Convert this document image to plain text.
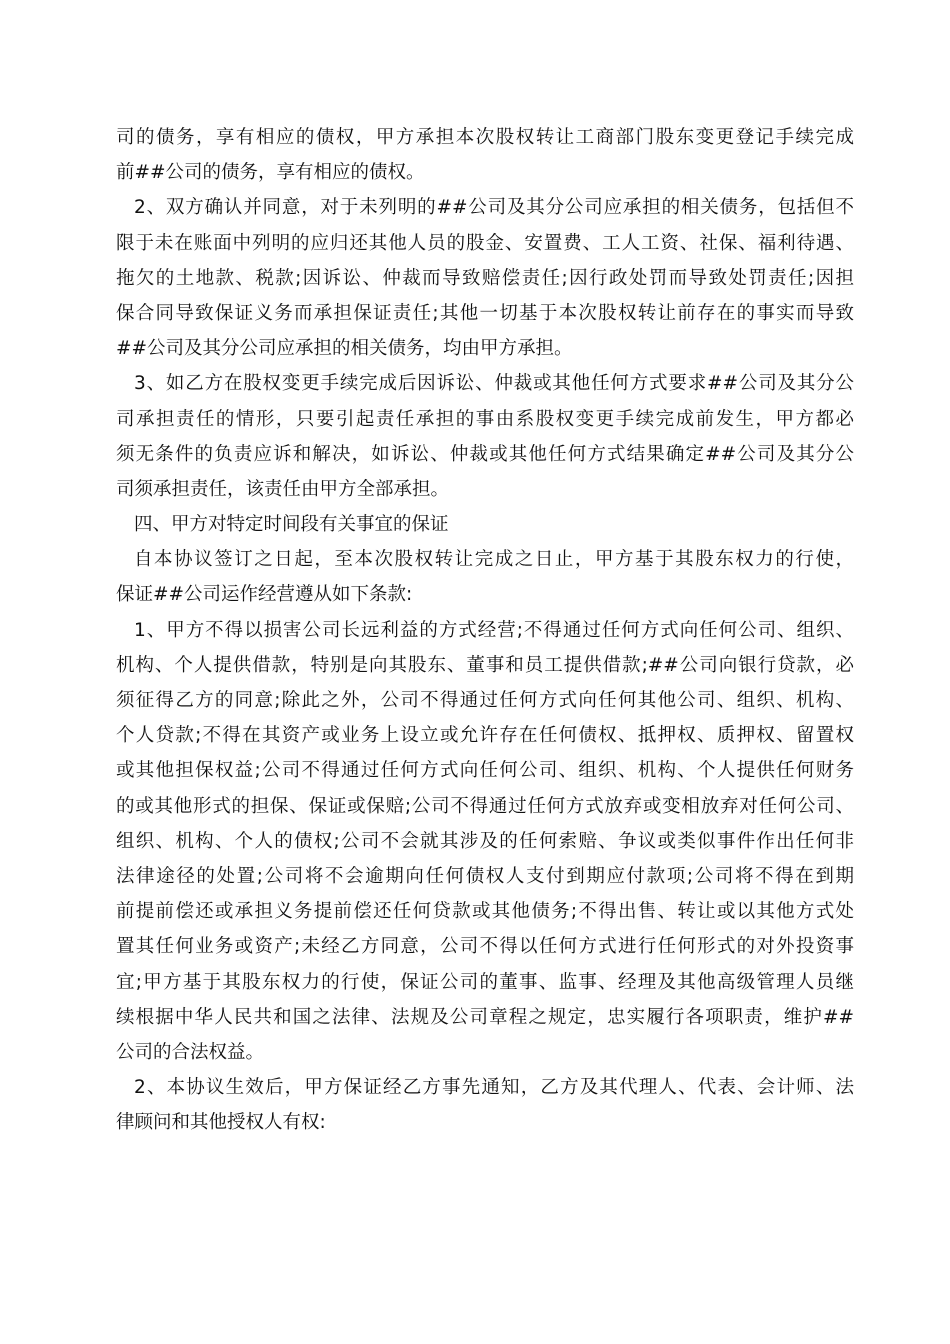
司的债务，享有相应的债权，甲方承担本次股权转让工商部门股东变更登记手续完成
前##公司的债务，享有相应的债权。
2、双方确认并同意，对于未列明的##公司及其分公司应承担的相关债务，包括但不
限于未在账面中列明的应归还其他人员的股金、安置费、工人工资、社保、福利待遇、
拖欠的土地款、税款;因诉讼、仲裁而导致赔偿责任;因行政处罚而导致处罚责任;因担
保合同导致保证义务而承担保证责任;其他一切基于本次股权转让前存在的事实而导致
##公司及其分公司应承担的相关债务，均由甲方承担。
3、如乙方在股权变更手续完成后因诉讼、仲裁或其他任何方式要求##公司及其分公
司承担责任的情形，只要引起责任承担的事由系股权变更手续完成前发生，甲方都必
须无条件的负责应诉和解决，如诉讼、仲裁或其他任何方式结果确定##公司及其分公
司须承担责任，该责任由甲方全部承担。
四、甲方对特定时间段有关事宜的保证
自本协议签订之日起，至本次股权转让完成之日止，甲方基于其股东权力的行使，
保证##公司运作经营遵从如下条款:
1、甲方不得以损害公司长远利益的方式经营;不得通过任何方式向任何公司、组织、
机构、个人提供借款，特别是向其股东、董事和员工提供借款;##公司向银行贷款，必
须征得乙方的同意;除此之外，公司不得通过任何方式向任何其他公司、组织、机构、
个人贷款;不得在其资产或业务上设立或允许存在任何债权、抵押权、质押权、留置权
或其他担保权益;公司不得通过任何方式向任何公司、组织、机构、个人提供任何财务
的或其他形式的担保、保证或保赔;公司不得通过任何方式放弃或变相放弃对任何公司、
组织、机构、个人的债权;公司不会就其涉及的任何索赔、争议或类似事件作出任何非
法律途径的处置;公司将不会逾期向任何债权人支付到期应付款项;公司将不得在到期
前提前偿还或承担义务提前偿还任何贷款或其他债务;不得出售、转让或以其他方式处
置其任何业务或资产;未经乙方同意，公司不得以任何方式进行任何形式的对外投资事
宜;甲方基于其股东权力的行使，保证公司的董事、监事、经理及其他高级管理人员继
续根据中华人民共和国之法律、法规及公司章程之规定，忠实履行各项职责，维护##
公司的合法权益。
2、本协议生效后，甲方保证经乙方事先通知，乙方及其代理人、代表、会计师、法
律顾问和其他授权人有权:
